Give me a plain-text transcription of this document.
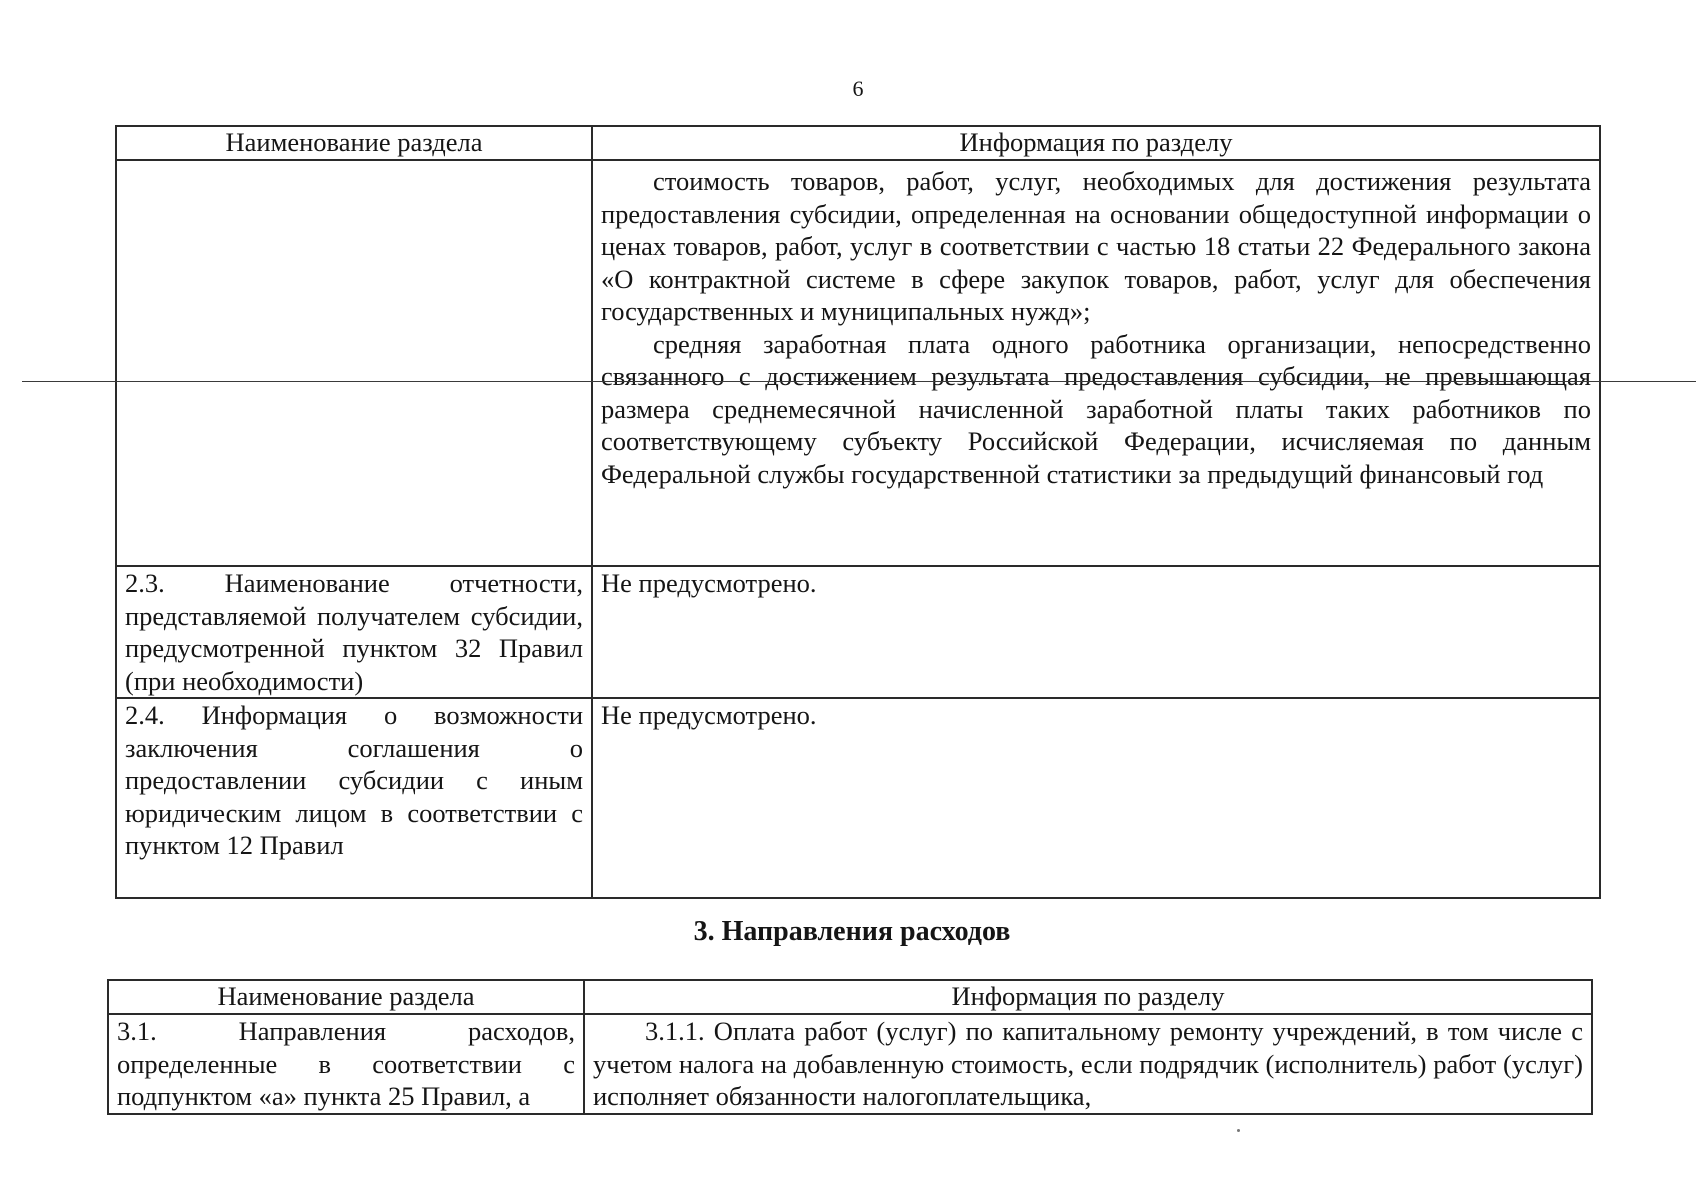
6
Наименование раздела	Информация по разделу

	стоимость товаров, работ, услуг, необходимых для достижения результата предоставления субсидии, определенная на основании общедоступной информации о ценах товаров, работ, услуг в соответствии с частью 18 статьи 22 Федерального закона «О контрактной системе в сфере закупок товаров, работ, услуг для обеспечения государственных и муниципальных нужд»;

средняя заработная плата одного работника организации, непосредственно связанного с достижением результата предоставления субсидии, не превышающая размера среднемесячной начисленной заработной платы таких работников по соответствующему субъекту Российской Федерации, исчисляемая по данным Федеральной службы государственной статистики за предыдущий финансовый год

2.3. Наименование отчетности, представляемой получателем субсидии, предусмотренной пунктом 32 Правил (при необходимости)	Не предусмотрено.
2.4. Информация о возможности заключения соглашения о предоставлении субсидии с иным юридическим лицом в соответствии с пунктом 12 Правил	Не предусмотрено.
3. Направления расходов
Наименование раздела	Информация по разделу
3.1. Направления расходов, определенные в соответствии с подпунктом «а» пункта 25 Правил, а	3.1.1. Оплата работ (услуг) по капитальному ремонту учреждений, в том числе с учетом налога на добавленную стоимость, если подрядчик (исполнитель) работ (услуг) исполняет обязанности налогоплательщика,
